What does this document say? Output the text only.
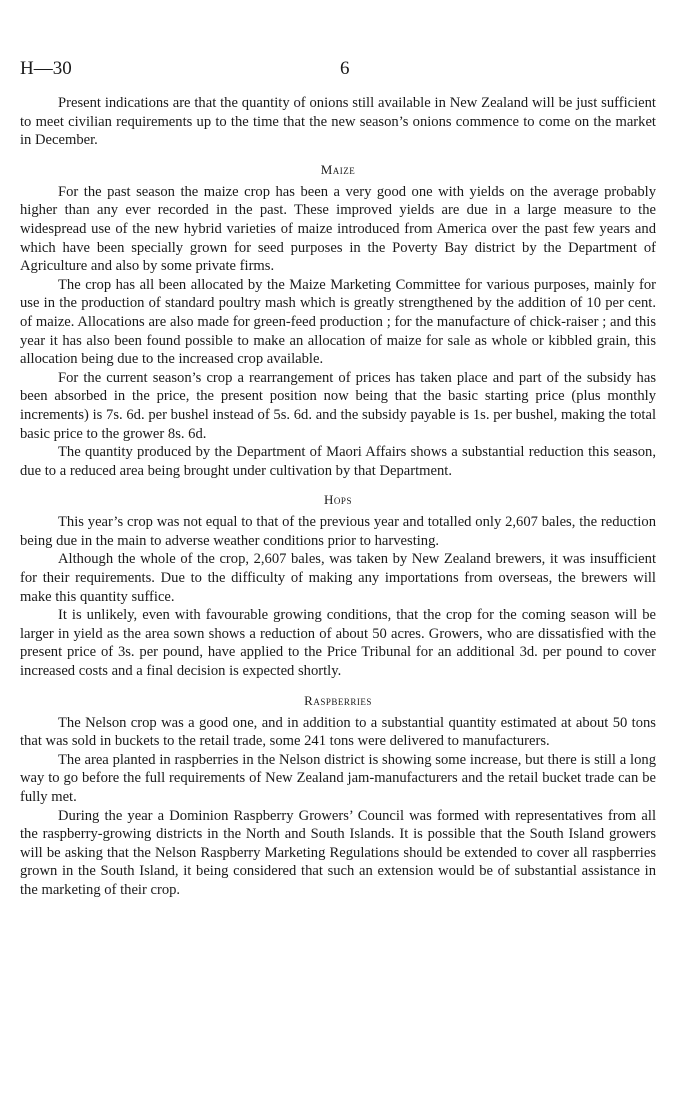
H—30	6

Present indications are that the quantity of onions still available in New Zealand will be just sufficient to meet civilian requirements up to the time that the new season’s onions commence to come on the market in December.

Maize

For the past season the maize crop has been a very good one with yields on the average probably higher than any ever recorded in the past. These improved yields are due in a large measure to the widespread use of the new hybrid varieties of maize introduced from America over the past few years and which have been specially grown for seed purposes in the Poverty Bay district by the Department of Agriculture and also by some private firms.

The crop has all been allocated by the Maize Marketing Committee for various purposes, mainly for use in the production of standard poultry mash which is greatly strengthened by the addition of 10 per cent. of maize. Allocations are also made for green-feed production ; for the manufacture of chick-raiser ; and this year it has also been found possible to make an allocation of maize for sale as whole or kibbled grain, this allocation being due to the increased crop available.

For the current season’s crop a rearrangement of prices has taken place and part of the subsidy has been absorbed in the price, the present position now being that the basic starting price (plus monthly increments) is 7s. 6d. per bushel instead of 5s. 6d. and the subsidy payable is 1s. per bushel, making the total basic price to the grower 8s. 6d.

The quantity produced by the Department of Maori Affairs shows a substantial reduction this season, due to a reduced area being brought under cultivation by that Department.

Hops

This year’s crop was not equal to that of the previous year and totalled only 2,607 bales, the reduction being due in the main to adverse weather conditions prior to harvesting.

Although the whole of the crop, 2,607 bales, was taken by New Zealand brewers, it was insufficient for their requirements. Due to the difficulty of making any importations from overseas, the brewers will make this quantity suffice.

It is unlikely, even with favourable growing conditions, that the crop for the coming season will be larger in yield as the area sown shows a reduction of about 50 acres. Growers, who are dissatisfied with the present price of 3s. per pound, have applied to the Price Tribunal for an additional 3d. per pound to cover increased costs and a final decision is expected shortly.

Raspberries

The Nelson crop was a good one, and in addition to a substantial quantity estimated at about 50 tons that was sold in buckets to the retail trade, some 241 tons were delivered to manufacturers.

The area planted in raspberries in the Nelson district is showing some increase, but there is still a long way to go before the full requirements of New Zealand jam-manufacturers and the retail bucket trade can be fully met.

During the year a Dominion Raspberry Growers’ Council was formed with representatives from all the raspberry-growing districts in the North and South Islands. It is possible that the South Island growers will be asking that the Nelson Raspberry Marketing Regulations should be extended to cover all raspberries grown in the South Island, it being considered that such an extension would be of substantial assistance in the marketing of their crop.
